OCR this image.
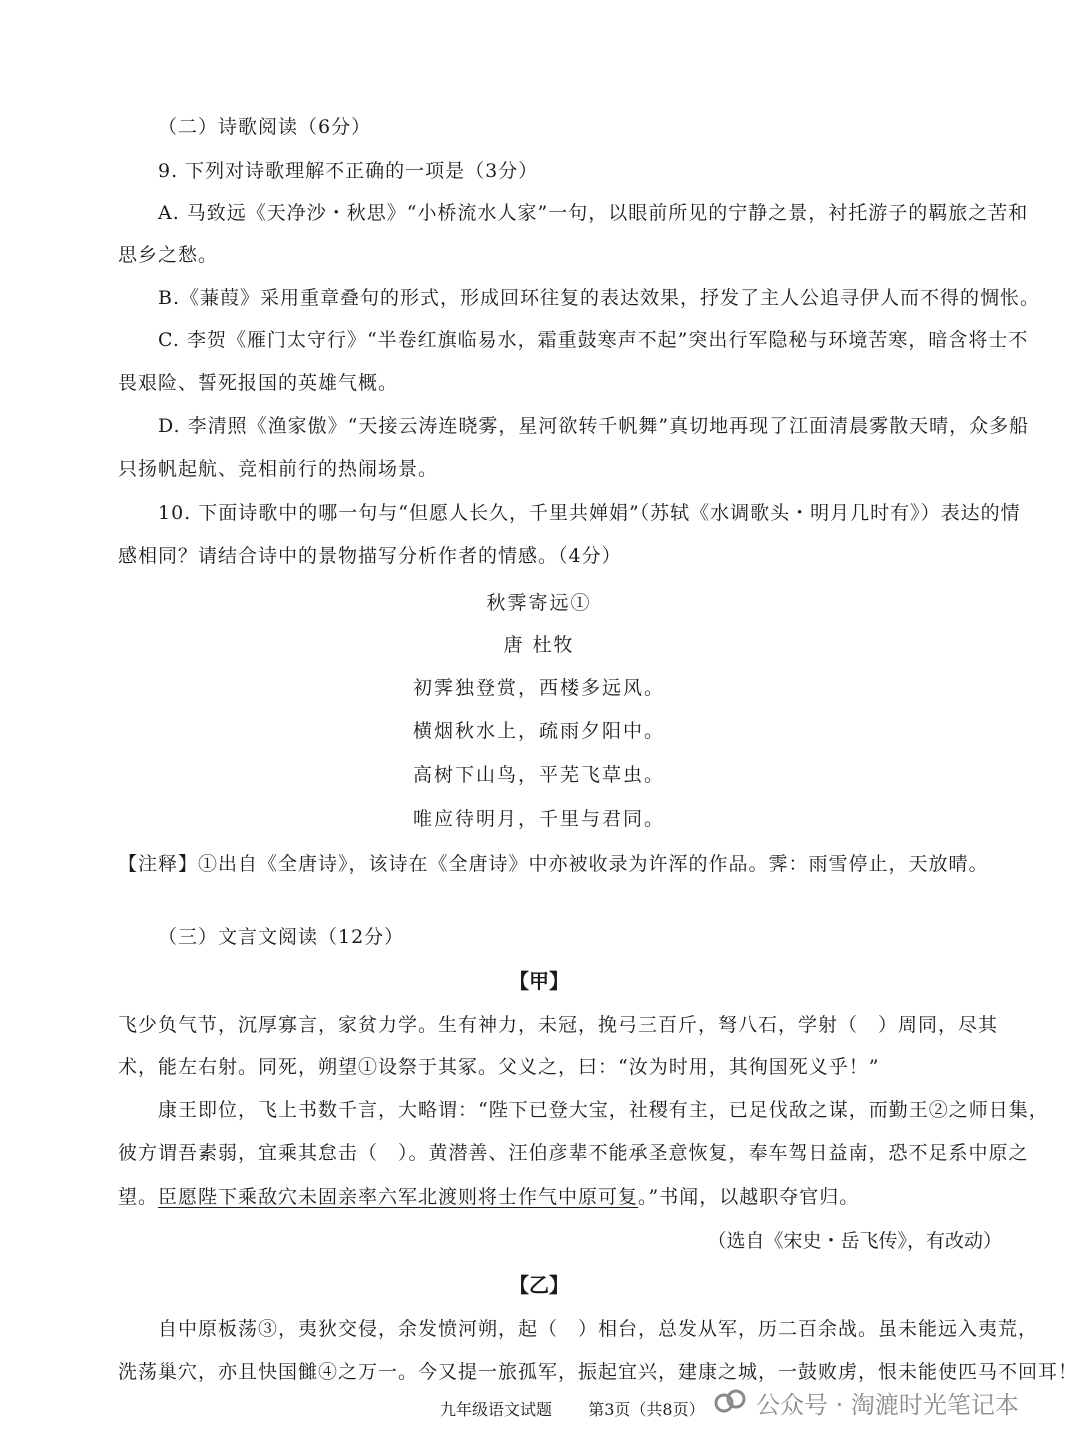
（二）诗歌阅读（6分）
9. 下列对诗歌理解不正确的一项是（3分）
A. 马致远《天净沙・秋思》“小桥流水人家”一句，以眼前所见的宁静之景，衬托游子的羁旅之苦和
思乡之愁。
B.《蒹葭》采用重章叠句的形式，形成回环往复的表达效果，抒发了主人公追寻伊人而不得的惆怅。
C. 李贺《雁门太守行》“半卷红旗临易水，霜重鼓寒声不起”突出行军隐秘与环境苦寒，暗含将士不
畏艰险、誓死报国的英雄气概。
D. 李清照《渔家傲》“天接云涛连晓雾，星河欲转千帆舞”真切地再现了江面清晨雾散天晴，众多船
只扬帆起航、竞相前行的热闹场景。
10. 下面诗歌中的哪一句与“但愿人长久，千里共婵娟”（苏轼《水调歌头・明月几时有》）表达的情
感相同？请结合诗中的景物描写分析作者的情感。（4分）
秋霁寄远①
唐 杜牧
初霁独登赏，西楼多远风。
横烟秋水上，疏雨夕阳中。
高树下山鸟，平芜飞草虫。
唯应待明月，千里与君同。
【注释】①出自《全唐诗》，该诗在《全唐诗》中亦被收录为许浑的作品。霁：雨雪停止，天放晴。
（三）文言文阅读（12分）
【甲】
飞少负气节，沉厚寡言，家贫力学。生有神力，未冠，挽弓三百斤，弩八石，学射（　）周同，尽其
术，能左右射。同死，朔望①设祭于其冢。父义之，曰：“汝为时用，其徇国死义乎！”
康王即位，飞上书数千言，大略谓：“陛下已登大宝，社稷有主，已足伐敌之谋，而勤王②之师日集，
彼方谓吾素弱，宜乘其怠击（　）。黄潜善、汪伯彦辈不能承圣意恢复，奉车驾日益南，恐不足系中原之
望。臣愿陛下乘敌穴未固亲率六军北渡则将士作气中原可复。”书闻，以越职夺官归。
（选自《宋史・岳飞传》，有改动）
【乙】
自中原板荡③，夷狄交侵，余发愤河朔，起（　）相台，总发从军，历二百余战。虽未能远入夷荒，
洗荡巢穴，亦且快国雠④之万一。今又提一旅孤军，振起宜兴，建康之城，一鼓败虏，恨未能使匹马不回耳！
九年级语文试题 第3页（共8页） 公众号 · 淘漉时光笔记本
